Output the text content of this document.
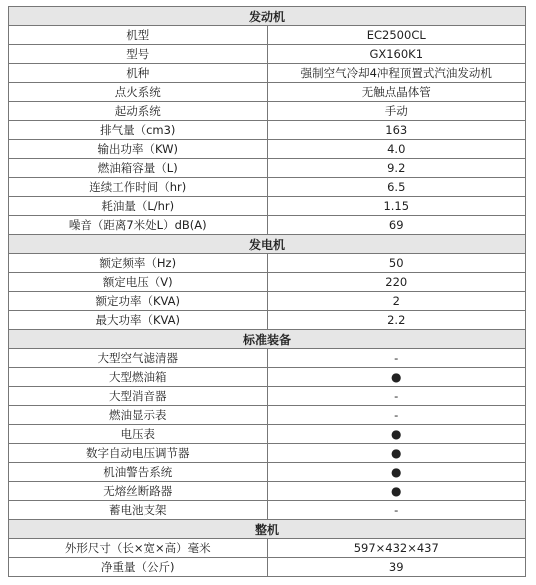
发动机	
机型	EC2500CL
型号	GX160K1
机种	强制空气冷却4冲程顶置式汽油发动机
点火系统	无触点晶体管
起动系统	手动
排气量（cm3)	163
输出功率（KW)	4.0
燃油箱容量（L)	9.2
连续工作时间（hr)	6.5
耗油量（L/hr)	1.15
噪音（距离7米处L）dB(A)	69
发电机	
额定频率（Hz)	50
额定电压（V)	220
额定功率（KVA)	2
最大功率（KVA)	2.2
标准装备	
大型空气滤清器	-
大型燃油箱	●
大型消音器	-
燃油显示表	-
电压表	●
数字自动电压调节器	●
机油警告系统	●
无熔丝断路器	●
蓄电池支架	-
整机	
外形尺寸（长×宽×高）毫米	597×432×437
净重量（公斤)	39
